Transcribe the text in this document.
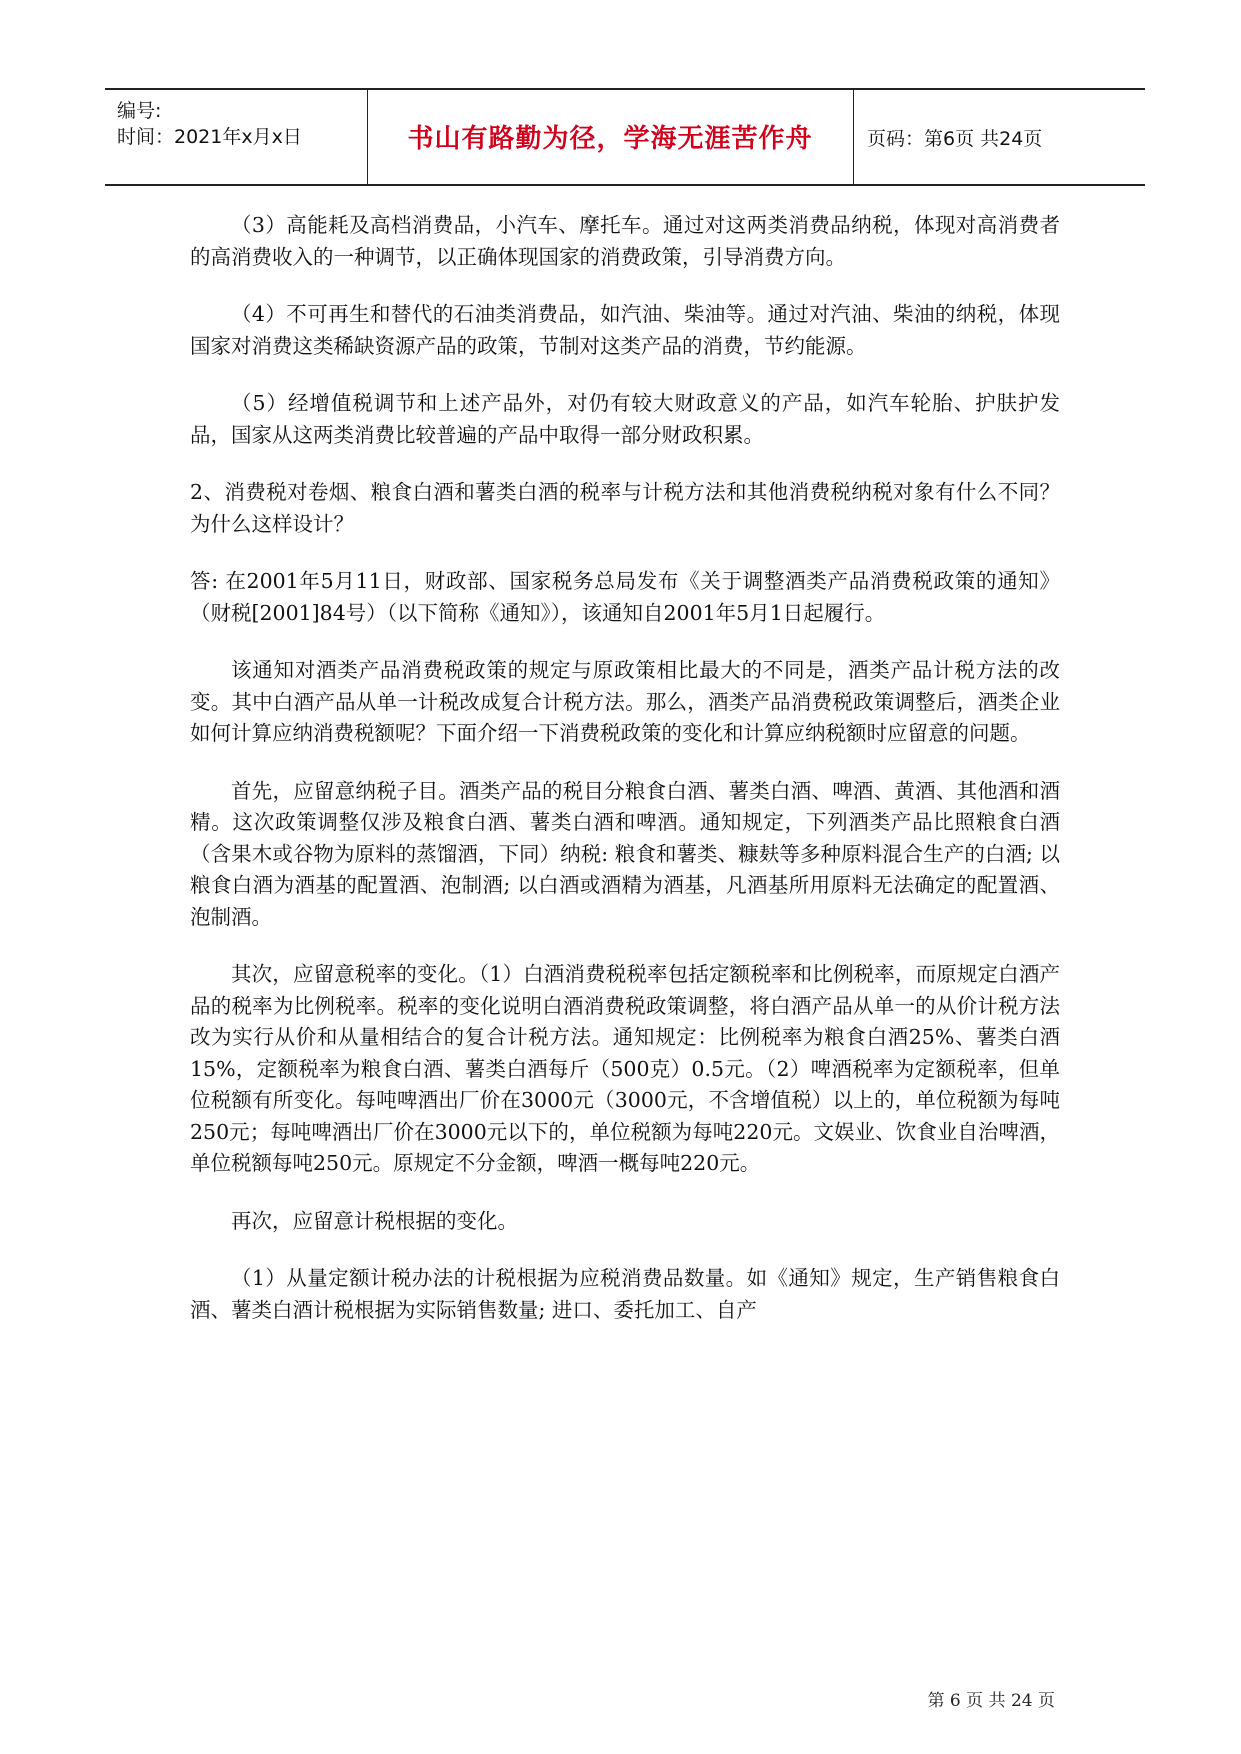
编号:
时间：2021年x月x日	书山有路勤为径，学海无涯苦作舟	页码：第6页 共24页

（3）高能耗及高档消费品，小汽车、摩托车。通过对这两类消费品纳税，体现对高消费者的高消费收入的一种调节，以正确体现国家的消费政策，引导消费方向。

（4）不可再生和替代的石油类消费品，如汽油、柴油等。通过对汽油、柴油的纳税，体现国家对消费这类稀缺资源产品的政策，节制对这类产品的消费，节约能源。

（5）经增值税调节和上述产品外，对仍有较大财政意义的产品，如汽车轮胎、护肤护发品，国家从这两类消费比较普遍的产品中取得一部分财政积累。

2、消费税对卷烟、粮食白酒和薯类白酒的税率与计税方法和其他消费税纳税对象有什么不同？为什么这样设计？

答: 在2001年5月11日，财政部、国家税务总局发布《关于调整酒类产品消费税政策的通知》（财税[2001]84号）（以下简称《通知》），该通知自2001年5月1日起履行。

该通知对酒类产品消费税政策的规定与原政策相比最大的不同是，酒类产品计税方法的改变。其中白酒产品从单一计税改成复合计税方法。那么，酒类产品消费税政策调整后，酒类企业如何计算应纳消费税额呢？下面介绍一下消费税政策的变化和计算应纳税额时应留意的问题。

首先，应留意纳税子目。酒类产品的税目分粮食白酒、薯类白酒、啤酒、黄酒、其他酒和酒精。这次政策调整仅涉及粮食白酒、薯类白酒和啤酒。通知规定，下列酒类产品比照粮食白酒（含果木或谷物为原料的蒸馏酒，下同）纳税: 粮食和薯类、糠麸等多种原料混合生产的白酒; 以粮食白酒为酒基的配置酒、泡制酒; 以白酒或酒精为酒基，凡酒基所用原料无法确定的配置酒、泡制酒。

其次，应留意税率的变化。（1）白酒消费税税率包括定额税率和比例税率，而原规定白酒产品的税率为比例税率。税率的变化说明白酒消费税政策调整，将白酒产品从单一的从价计税方法改为实行从价和从量相结合的复合计税方法。通知规定：比例税率为粮食白酒25%、薯类白酒15%，定额税率为粮食白酒、薯类白酒每斤（500克）0.5元。（2）啤酒税率为定额税率，但单位税额有所变化。每吨啤酒出厂价在3000元（3000元，不含增值税）以上的，单位税额为每吨250元；每吨啤酒出厂价在3000元以下的，单位税额为每吨220元。文娱业、饮食业自治啤酒，单位税额每吨250元。原规定不分金额，啤酒一概每吨220元。

再次，应留意计税根据的变化。

（1）从量定额计税办法的计税根据为应税消费品数量。如《通知》规定，生产销售粮食白酒、薯类白酒计税根据为实际销售数量; 进口、委托加工、自产

第 6 页 共 24 页
